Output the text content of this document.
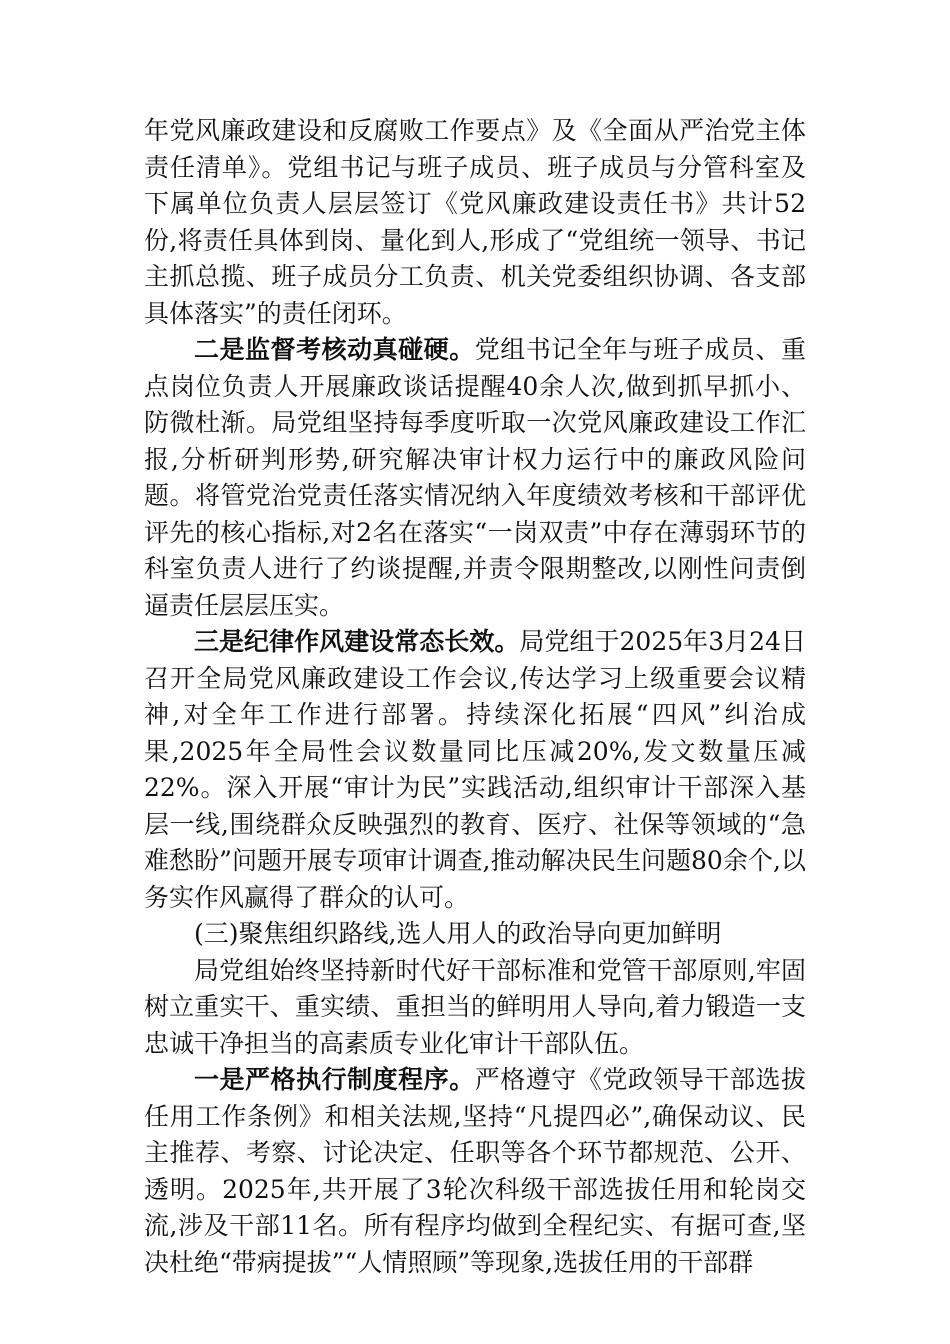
年党风廉政建设和反腐败工作要点》及《全面从严治党主体责任清单》。党组书记与班子成员、班子成员与分管科室及下属单位负责人层层签订《党风廉政建设责任书》共计52份,将责任具体到岗、量化到人,形成了“党组统一领导、书记主抓总揽、班子成员分工负责、机关党委组织协调、各支部具体落实”的责任闭环。

二是监督考核动真碰硬。党组书记全年与班子成员、重点岗位负责人开展廉政谈话提醒40余人次,做到抓早抓小、防微杜渐。局党组坚持每季度听取一次党风廉政建设工作汇报,分析研判形势,研究解决审计权力运行中的廉政风险问题。将管党治党责任落实情况纳入年度绩效考核和干部评优评先的核心指标,对2名在落实“一岗双责”中存在薄弱环节的科室负责人进行了约谈提醒,并责令限期整改,以刚性问责倒逼责任层层压实。

三是纪律作风建设常态长效。局党组于2025年3月24日召开全局党风廉政建设工作会议,传达学习上级重要会议精神,对全年工作进行部署。持续深化拓展“四风”纠治成果,2025年全局性会议数量同比压减20%,发文数量压减22%。深入开展“审计为民”实践活动,组织审计干部深入基层一线,围绕群众反映强烈的教育、医疗、社保等领域的“急难愁盼”问题开展专项审计调查,推动解决民生问题80余个,以务实作风赢得了群众的认可。

(三)聚焦组织路线,选人用人的政治导向更加鲜明

局党组始终坚持新时代好干部标准和党管干部原则,牢固树立重实干、重实绩、重担当的鲜明用人导向,着力锻造一支忠诚干净担当的高素质专业化审计干部队伍。

一是严格执行制度程序。严格遵守《党政领导干部选拔任用工作条例》和相关法规,坚持“凡提四必”,确保动议、民主推荐、考察、讨论决定、任职等各个环节都规范、公开、透明。2025年,共开展了3轮次科级干部选拔任用和轮岗交流,涉及干部11名。所有程序均做到全程纪实、有据可查,坚决杜绝“带病提拔”“人情照顾”等现象,选拔任用的干部群
